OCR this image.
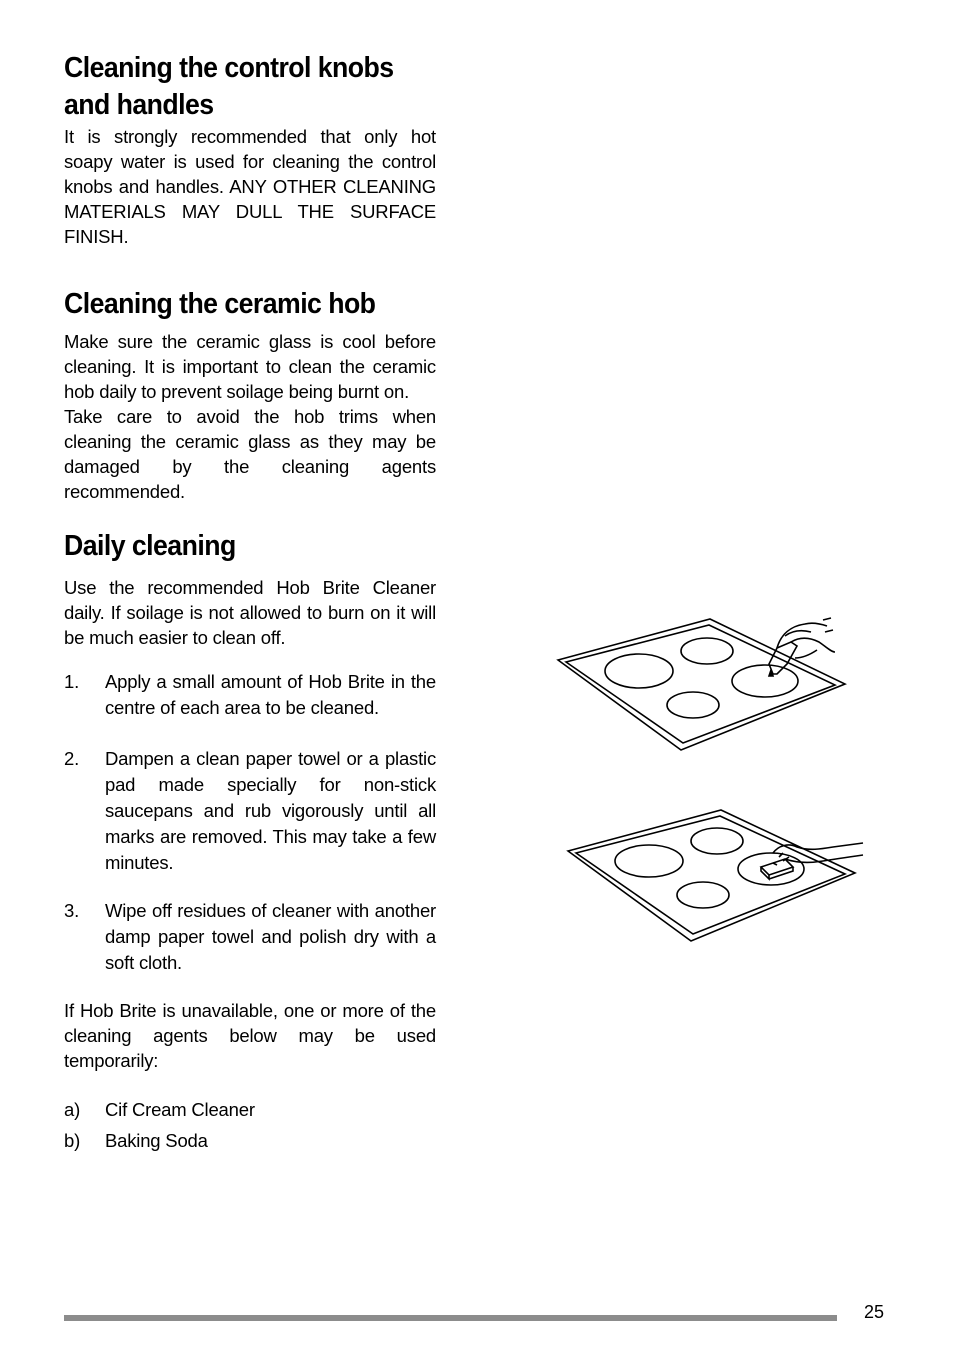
Cleaning the control knobs
and handles

It is strongly recommended that only hot soapy water is used for cleaning the control knobs and handles. ANY OTHER CLEANING MATERIALS MAY DULL THE SURFACE FINISH.

Cleaning the ceramic hob

Make sure the ceramic glass is cool before cleaning. It is important to clean the ceramic hob daily to prevent soilage being burnt on.

Take care to avoid the hob trims when cleaning the ceramic glass as they may be damaged by the cleaning agents recommended.

Daily cleaning

Use the recommended Hob Brite Cleaner daily. If soilage is not allowed to burn on it will be much easier to clean off.

1. Apply a small amount of Hob Brite in the centre of each area to be cleaned.
2. Dampen a clean paper towel or a plastic pad made specially for non-stick saucepans and rub vigorously until all marks are removed. This may take a few minutes.
3. Wipe off residues of cleaner with another damp paper towel and polish dry with a soft cloth.

If Hob Brite is unavailable, one or more of the cleaning agents below may be used temporarily:

a) Cif Cream Cleaner
b) Baking Soda
25
